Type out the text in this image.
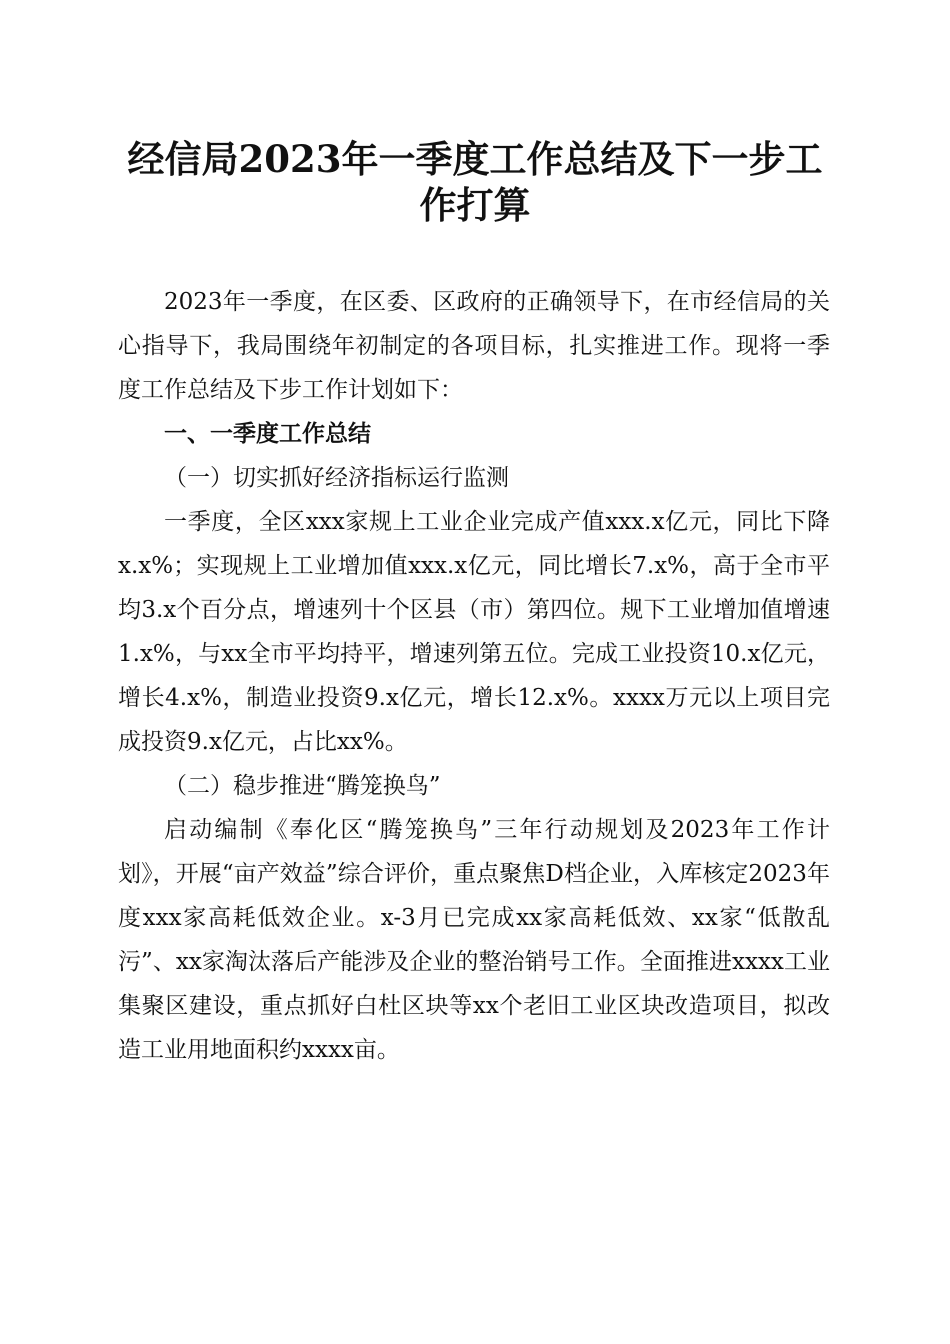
经信局2023年一季度工作总结及下一步工作打算

2023年一季度，在区委、区政府的正确领导下，在市经信局的关心指导下，我局围绕年初制定的各项目标，扎实推进工作。现将一季度工作总结及下步工作计划如下：

一、一季度工作总结

（一）切实抓好经济指标运行监测

一季度，全区xxx家规上工业企业完成产值xxx.x亿元，同比下降x.x%；实现规上工业增加值xxx.x亿元，同比增长7.x%，高于全市平均3.x个百分点，增速列十个区县（市）第四位。规下工业增加值增速1.x%，与xx全市平均持平，增速列第五位。完成工业投资10.x亿元，增长4.x%，制造业投资9.x亿元，增长12.x%。xxxx万元以上项目完成投资9.x亿元，占比xx%。

（二）稳步推进“腾笼换鸟”

启动编制《奉化区“腾笼换鸟”三年行动规划及2023年工作计划》，开展“亩产效益”综合评价，重点聚焦D档企业，入库核定2023年度xxx家高耗低效企业。x-3月已完成xx家高耗低效、xx家“低散乱污”、xx家淘汰落后产能涉及企业的整治销号工作。全面推进xxxx工业集聚区建设，重点抓好白杜区块等xx个老旧工业区块改造项目，拟改造工业用地面积约xxxx亩。
